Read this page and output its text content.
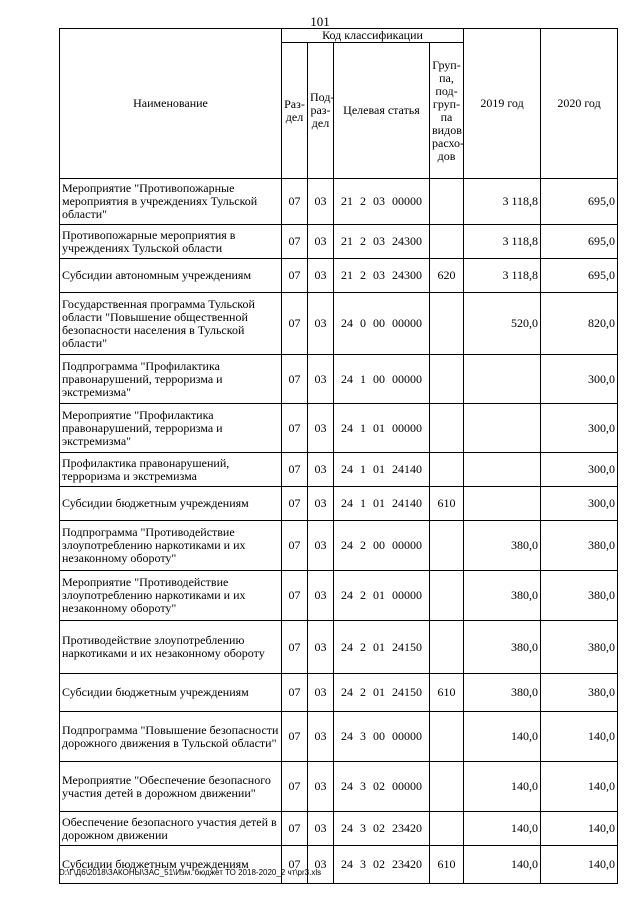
101
Наименование	Код классификации				2019 год	2020 год
	Раз-дел	Под-раз-дел	Целевая статья	Груп-па, под-груп-па видов расхо-дов		
Мероприятие "Противопожарные мероприятия в учреждениях Тульской области"	07	03	21 2 03 00000		3 118,8	695,0
Противопожарные мероприятия в учреждениях Тульской области	07	03	21 2 03 24300		3 118,8	695,0
Субсидии автономным учреждениям	07	03	21 2 03 24300	620	3 118,8	695,0
Государственная программа Тульской области "Повышение общественной безопасности населения в Тульской области"	07	03	24 0 00 00000		520,0	820,0
Подпрограмма "Профилактика правонарушений, терроризма и экстремизма"	07	03	24 1 00 00000			300,0
Мероприятие "Профилактика правонарушений, терроризма и экстремизма"	07	03	24 1 01 00000			300,0
Профилактика правонарушений, терроризма и экстремизма	07	03	24 1 01 24140			300,0
Субсидии бюджетным учреждениям	07	03	24 1 01 24140	610		300,0
Подпрограмма "Противодействие злоупотреблению наркотиками и их незаконному обороту"	07	03	24 2 00 00000		380,0	380,0
Мероприятие "Противодействие злоупотреблению наркотиками и их незаконному обороту"	07	03	24 2 01 00000		380,0	380,0
Противодействие злоупотреблению наркотиками и их незаконному обороту	07	03	24 2 01 24150		380,0	380,0
Субсидии бюджетным учреждениям	07	03	24 2 01 24150	610	380,0	380,0
Подпрограмма "Повышение безопасности дорожного движения в Тульской области"	07	03	24 3 00 00000		140,0	140,0
Мероприятие "Обеспечение безопасного участия детей в дорожном движении"	07	03	24 3 02 00000		140,0	140,0
Обеспечение безопасного участия детей в дорожном движении	07	03	24 3 02 23420		140,0	140,0
Субсидии бюджетным учреждениям	07	03	24 3 02 23420	610	140,0	140,0
D:\Г\Д6\2018\ЗАКОНЫ\ЗАС_51\Изм. бюджет ТО 2018-2020_2 чт\pr3.xls
